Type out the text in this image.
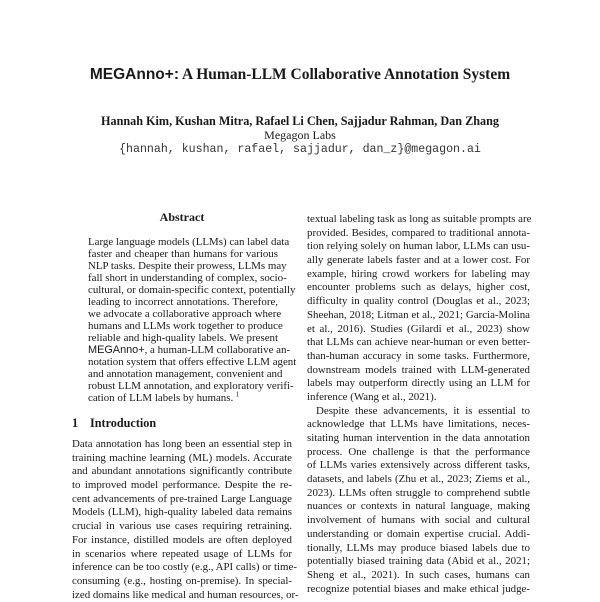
MEGAnno+: A Human-LLM Collaborative Annotation System
Hannah Kim, Kushan Mitra, Rafael Li Chen, Sajjadur Rahman, Dan Zhang
Megagon Labs
{hannah, kushan, rafael, sajjadur, dan_z}@megagon.ai
Abstract
Large language models (LLMs) can label data
faster and cheaper than humans for various
NLP tasks. Despite their prowess, LLMs may
fall short in understanding of complex, socio-
cultural, or domain-specific context, potentially
leading to incorrect annotations. Therefore,
we advocate a collaborative approach where
humans and LLMs work together to produce
reliable and high-quality labels. We present
MEGAnno+, a human-LLM collaborative an-
notation system that offers effective LLM agent
and annotation management, convenient and
robust LLM annotation, and exploratory verifi-
cation of LLM labels by humans. $^1$
1 Introduction
Data annotation has long been an essential step in
training machine learning (ML) models. Accurate
and abundant annotations significantly contribute
to improved model performance. Despite the re-
cent advancements of pre-trained Large Language
Models (LLM), high-quality labeled data remains
crucial in various use cases requiring retraining.
For instance, distilled models are often deployed
in scenarios where repeated usage of LLMs for
inference can be too costly (e.g., API calls) or time-
consuming (e.g., hosting on-premise). In special-
ized domains like medical and human resources, or-
textual labeling task as long as suitable prompts are
provided. Besides, compared to traditional annota-
tion relying solely on human labor, LLMs can usu-
ally generate labels faster and at a lower cost. For
example, hiring crowd workers for labeling may
encounter problems such as delays, higher cost,
difficulty in quality control (Douglas et al., 2023;
Sheehan, 2018; Litman et al., 2021; Garcia-Molina
et al., 2016). Studies (Gilardi et al., 2023) show
that LLMs can achieve near-human or even better-
than-human accuracy in some tasks. Furthermore,
downstream models trained with LLM-generated
labels may outperform directly using an LLM for
inference (Wang et al., 2021).
Despite these advancements, it is essential to
acknowledge that LLMs have limitations, neces-
sitating human intervention in the data annotation
process. One challenge is that the performance
of LLMs varies extensively across different tasks,
datasets, and labels (Zhu et al., 2023; Ziems et al.,
2023). LLMs often struggle to comprehend subtle
nuances or contexts in natural language, making
involvement of humans with social and cultural
understanding or domain expertise crucial. Addi-
tionally, LLMs may produce biased labels due to
potentially biased training data (Abid et al., 2021;
Sheng et al., 2021). In such cases, humans can
recognize potential biases and make ethical judge-
